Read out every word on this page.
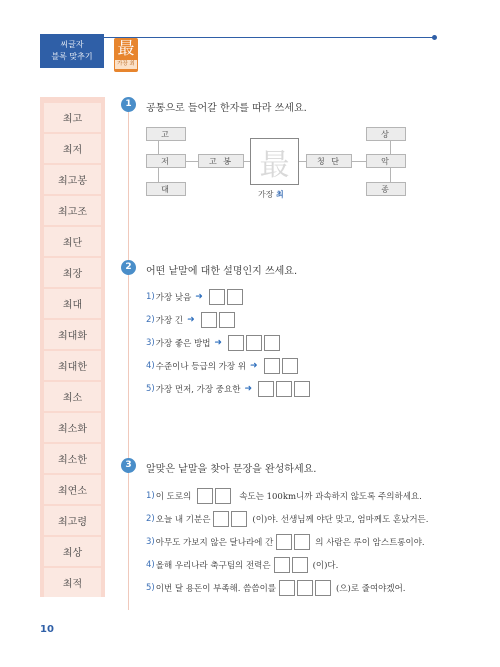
씨글자
블록 맞추기	最
가장 최
최고
최저
최고봉
최고조
최단
최장
최대
최대화
최대한
최소
최소화
최소한
최연소
최고령
최상
최적
1	공통으로 들어갈 한자를 따라 쓰세요.
고
저
대
고 봉 最
가장 최
청 단
상
악
종
2	어떤 낱말에 대한 설명인지 쓰세요.
1) 가장 낮음 ➜
2) 가장 긴 ➜
3) 가장 좋은 방법 ➜
4) 수준이나 등급의 가장 위 ➜
5) 가장 먼저, 가장 중요한 ➜
3	알맞은 낱말을 찾아 문장을 완성하세요.
1) 이 도로의	속도는 100km니까 과속하지 않도록 주의하세요.
2) 오늘 내 기분은	(이)야. 선생님께 야단 맞고, 엄마께도 혼났거든.
3) 아무도 가보지 않은 달나라에 간	의 사람은 루이 암스트롱이야.
4) 올해 우리나라 축구팀의 전력은	(이)다.
5) 이번 달 용돈이 부족해. 씀씀이를	(으)로 줄여야겠어.
10
